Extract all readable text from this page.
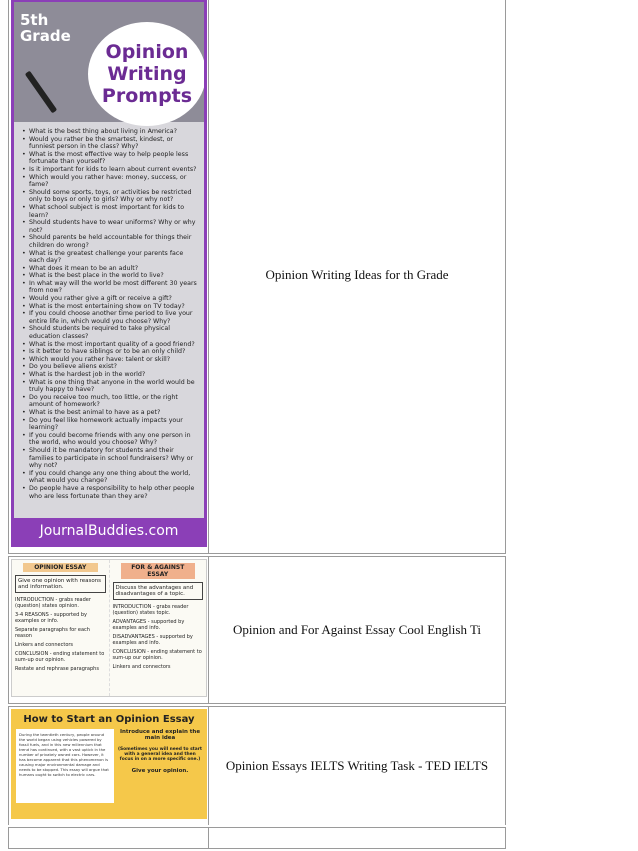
5th Grade
Opinion
Writing
Prompts
• What is the best thing about living in America?
• Would you rather be the smartest, kindest, or funniest person in the class? Why?
• What is the most effective way to help people less fortunate than yourself?
• Is it important for kids to learn about current events?
• Which would you rather have: money, success, or fame?
• Should some sports, toys, or activities be restricted only to boys or only to girls? Why or why not?
• What school subject is most important for kids to learn?
• Should students have to wear uniforms? Why or why not?
• Should parents be held accountable for things their children do wrong?
• What is the greatest challenge your parents face each day?
• What does it mean to be an adult?
• What is the best place in the world to live?
• In what way will the world be most different 30 years from now?
• Would you rather give a gift or receive a gift?
• What is the most entertaining show on TV today?
• If you could choose another time period to live your entire life in, which would you choose? Why?
• Should students be required to take physical education classes?
• What is the most important quality of a good friend?
• Is it better to have siblings or to be an only child?
• Which would you rather have: talent or skill?
• Do you believe aliens exist?
• What is the hardest job in the world?
• What is one thing that anyone in the world would be truly happy to have?
• Do you receive too much, too little, or the right amount of homework?
• What is the best animal to have as a pet?
• Do you feel like homework actually impacts your learning?
• If you could become friends with any one person in the world, who would you choose? Why?
• Should it be mandatory for students and their families to participate in school fundraisers? Why or why not?
• If you could change any one thing about the world, what would you change?
• Do people have a responsibility to help other people who are less fortunate than they are?
JournalBuddies.com
Opinion Writing Ideas for th Grade
OPINION ESSAY
Give one opinion with reasons and information.
INTRODUCTION - grabs reader (question) states opinion.
3-4 REASONS - supported by examples or info.
Separate paragraphs for each reason
Linkers and connectors
CONCLUSION - ending statement to sum-up our opinion.
Restate and rephrase paragraphs
FOR & AGAINST ESSAY
Discuss the advantages and disadvantages of a topic.
INTRODUCTION - grabs reader (question) states topic.
ADVANTAGES - supported by examples and info.
DISADVANTAGES - supported by examples and info.
CONCLUSION - ending statement to sum-up our opinion.
Linkers and connectors
Opinion and For Against Essay Cool English Ti
How to Start an Opinion Essay
During the twentieth century, people around the world began using vehicles powered by fossil fuels, and in this new millennium that trend has continued, with a vast uptick in the number of privately owned cars. However, it has become apparent that this phenomenon is causing major environmental damage and needs to be stopped. This essay will argue that humans ought to switch to electric cars.
Introduce and explain the main idea
(Sometimes you will need to start with a general idea and then focus in on a more specific one.)
Give your opinion.	Opinion Essays IELTS Writing Task - TED IELTS
